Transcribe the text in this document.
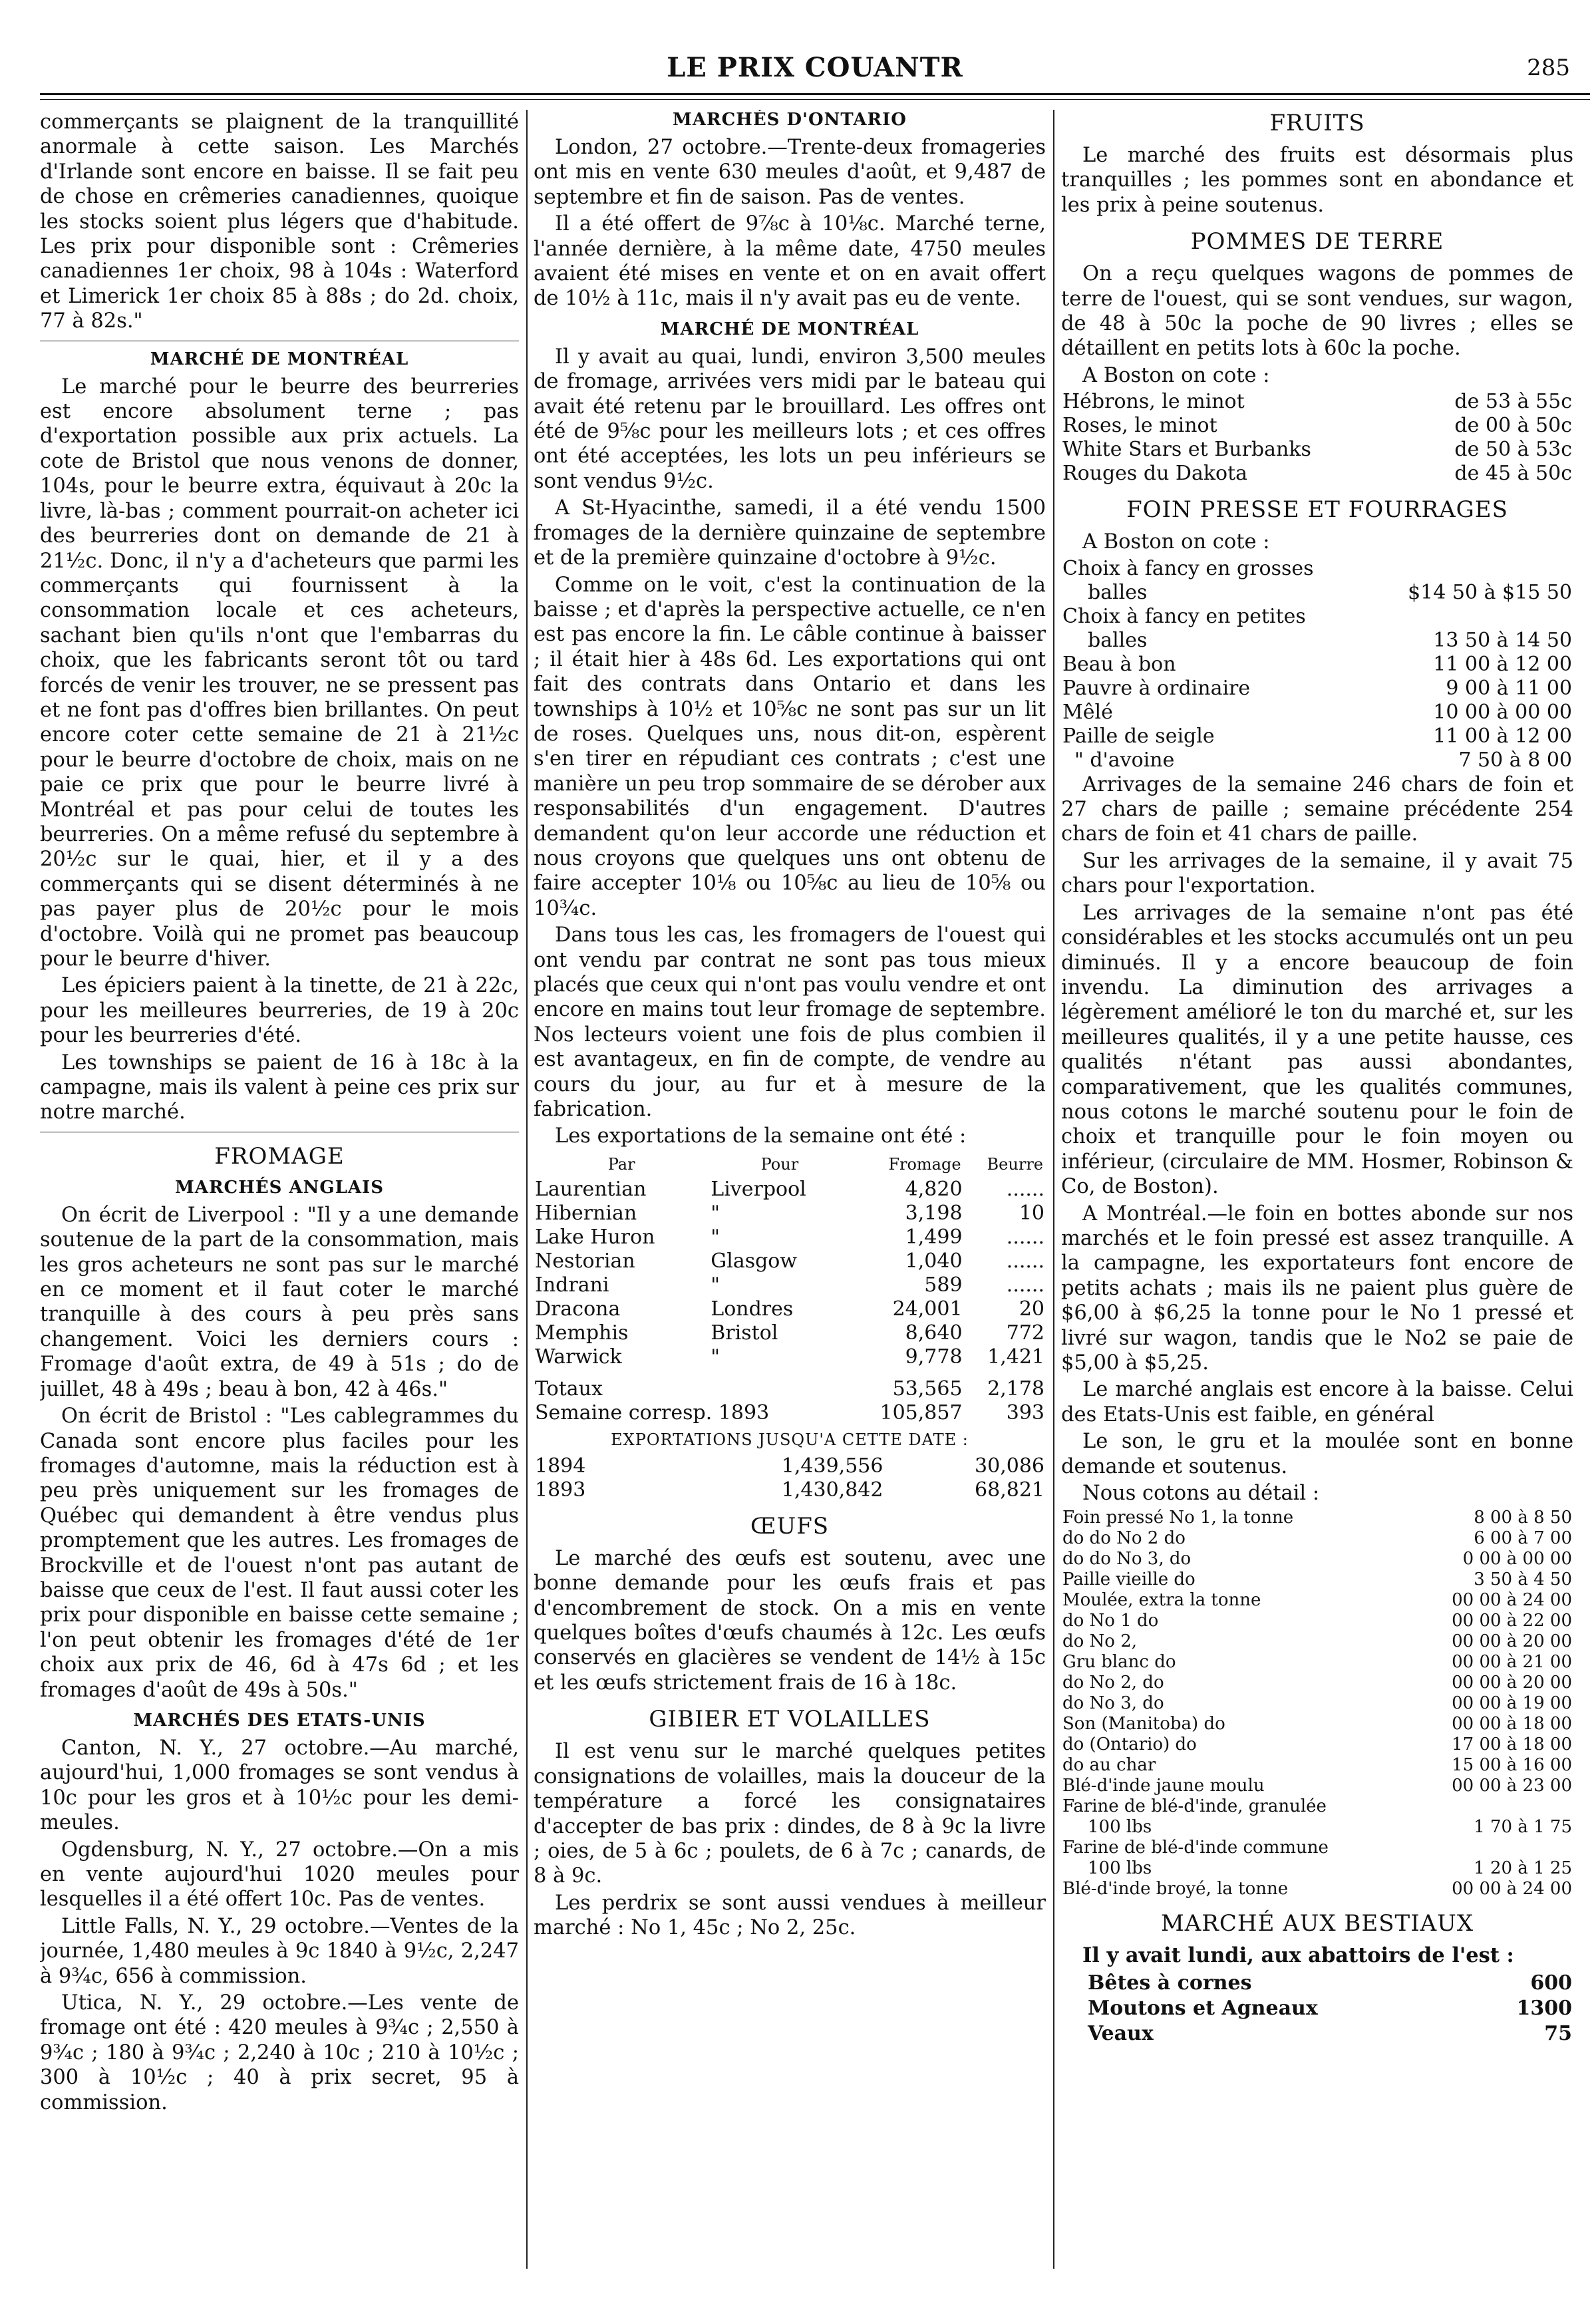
LE PRIX COUANTR	285

commerçants se plaignent de la tranquillité anormale à cette saison. Les Marchés d'Irlande sont encore en baisse. Il se fait peu de chose en crêmeries canadiennes, quoique les stocks soient plus légers que d'habitude. Les prix pour disponible sont : Crêmeries canadiennes 1er choix, 98 à 104s : Waterford et Limerick 1er choix 85 à 88s ; do 2d. choix, 77 à 82s."

MARCHÉ DE MONTRÉAL

Le marché pour le beurre des beurreries est encore absolument terne ; pas d'exportation possible aux prix actuels. La cote de Bristol que nous venons de donner, 104s, pour le beurre extra, équivaut à 20c la livre, là-bas ; comment pourrait-on acheter ici des beurreries dont on demande de 21 à 21½c. Donc, il n'y a d'acheteurs que parmi les commerçants qui fournissent à la consommation locale et ces acheteurs, sachant bien qu'ils n'ont que l'embarras du choix, que les fabricants seront tôt ou tard forcés de venir les trouver, ne se pressent pas et ne font pas d'offres bien brillantes. On peut encore coter cette semaine de 21 à 21½c pour le beurre d'octobre de choix, mais on ne paie ce prix que pour le beurre livré à Montréal et pas pour celui de toutes les beurreries. On a même refusé du septembre à 20½c sur le quai, hier, et il y a des commerçants qui se disent déterminés à ne pas payer plus de 20½c pour le mois d'octobre. Voilà qui ne promet pas beaucoup pour le beurre d'hiver.

Les épiciers paient à la tinette, de 21 à 22c, pour les meilleures beurreries, de 19 à 20c pour les beurreries d'été.

Les townships se paient de 16 à 18c à la campagne, mais ils valent à peine ces prix sur notre marché.

FROMAGE
MARCHÉS ANGLAIS

On écrit de Liverpool : "Il y a une demande soutenue de la part de la consommation, mais les gros acheteurs ne sont pas sur le marché en ce moment et il faut coter le marché tranquille à des cours à peu près sans changement. Voici les derniers cours : Fromage d'août extra, de 49 à 51s ; do de juillet, 48 à 49s ; beau à bon, 42 à 46s."

On écrit de Bristol : "Les cablegrammes du Canada sont encore plus faciles pour les fromages d'automne, mais la réduction est à peu près uniquement sur les fromages de Québec qui demandent à être vendus plus promptement que les autres. Les fromages de Brockville et de l'ouest n'ont pas autant de baisse que ceux de l'est. Il faut aussi coter les prix pour disponible en baisse cette semaine ; l'on peut obtenir les fromages d'été de 1er choix aux prix de 46, 6d à 47s 6d ; et les fromages d'août de 49s à 50s."

MARCHÉS DES ETATS-UNIS

Canton, N. Y., 27 octobre.—Au marché, aujourd'hui, 1,000 fromages se sont vendus à 10c pour les gros et à 10½c pour les demi-meules.

Ogdensburg, N. Y., 27 octobre.—On a mis en vente aujourd'hui 1020 meules pour lesquelles il a été offert 10c. Pas de ventes.

Little Falls, N. Y., 29 octobre.—Ventes de la journée, 1,480 meules à 9c 1840 à 9½c, 2,247 à 9¾c, 656 à commission.

Utica, N. Y., 29 octobre.—Les vente de fromage ont été : 420 meules à 9¾c ; 2,550 à 9¾c ; 180 à 9¾c ; 2,240 à 10c ; 210 à 10½c ; 300 à 10½c ; 40 à prix secret, 95 à commission.

MARCHÉS D'ONTARIO

London, 27 octobre.—Trente-deux fromageries ont mis en vente 630 meules d'août, et 9,487 de septembre et fin de saison. Pas de ventes.

Il a été offert de 9⅞c à 10⅛c. Marché terne, l'année dernière, à la même date, 4750 meules avaient été mises en vente et on en avait offert de 10½ à 11c, mais il n'y avait pas eu de vente.

MARCHÉ DE MONTRÉAL

Il y avait au quai, lundi, environ 3,500 meules de fromage, arrivées vers midi par le bateau qui avait été retenu par le brouillard. Les offres ont été de 9⅝c pour les meilleurs lots ; et ces offres ont été acceptées, les lots un peu inférieurs se sont vendus 9½c.

A St-Hyacinthe, samedi, il a été vendu 1500 fromages de la dernière quinzaine de septembre et de la première quinzaine d'octobre à 9½c.

Comme on le voit, c'est la continuation de la baisse ; et d'après la perspective actuelle, ce n'en est pas encore la fin. Le câble continue à baisser ; il était hier à 48s 6d. Les exportations qui ont fait des contrats dans Ontario et dans les townships à 10½ et 10⅝c ne sont pas sur un lit de roses. Quelques uns, nous dit-on, espèrent s'en tirer en répudiant ces contrats ; c'est une manière un peu trop sommaire de se dérober aux responsabilités d'un engagement. D'autres demandent qu'on leur accorde une réduction et nous croyons que quelques uns ont obtenu de faire accepter 10⅛ ou 10⅝c au lieu de 10⅝ ou 10¾c.

Dans tous les cas, les fromagers de l'ouest qui ont vendu par contrat ne sont pas tous mieux placés que ceux qui n'ont pas voulu vendre et ont encore en mains tout leur fromage de septembre. Nos lecteurs voient une fois de plus combien il est avantageux, en fin de compte, de vendre au cours du jour, au fur et à mesure de la fabrication.

Les exportations de la semaine ont été :

Par	Pour	Fromage	Beurre
Laurentian	Liverpool	4,820	......
Hibernian	"	3,198	10
Lake Huron	"	1,499	......
Nestorian	Glasgow	1,040	......
Indrani	"	589	......
Dracona	Londres	24,001	20
Memphis	Bristol	8,640	772
Warwick	"	9,778	1,421
Totaux		53,565	2,178
Semaine corresp. 1893		105,857	393
EXPORTATIONS JUSQU'A CETTE DATE :
1894	1,439,556	30,086
1893	1,430,842	68,821
ŒUFS

Le marché des œufs est soutenu, avec une bonne demande pour les œufs frais et pas d'encombrement de stock. On a mis en vente quelques boîtes d'œufs chaumés à 12c. Les œufs conservés en glacières se vendent de 14½ à 15c et les œufs strictement frais de 16 à 18c.

GIBIER ET VOLAILLES

Il est venu sur le marché quelques petites consignations de volailles, mais la douceur de la température a forcé les consignataires d'accepter de bas prix : dindes, de 8 à 9c la livre ; oies, de 5 à 6c ; poulets, de 6 à 7c ; canards, de 8 à 9c.

Les perdrix se sont aussi vendues à meilleur marché : No 1, 45c ; No 2, 25c.

FRUITS

Le marché des fruits est désormais plus tranquilles ; les pommes sont en abondance et les prix à peine soutenus.

POMMES DE TERRE

On a reçu quelques wagons de pommes de terre de l'ouest, qui se sont vendues, sur wagon, de 48 à 50c la poche de 90 livres ; elles se détaillent en petits lots à 60c la poche.

A Boston on cote :

Hébrons, le minot	de 53 à 55c
Roses, le minot	de 00 à 50c
White Stars et Burbanks	de 50 à 53c
Rouges du Dakota	de 45 à 50c
FOIN PRESSE ET FOURRAGES

A Boston on cote :

Choix à fancy en grosses	
balles	$14 50 à $15 50
Choix à fancy en petites	
balles	13 50 à 14 50
Beau à bon	11 00 à 12 00
Pauvre à ordinaire	9 00 à 11 00
Mêlé	10 00 à 00 00
Paille de seigle	11 00 à 12 00
" d'avoine	7 50 à 8 00

Arrivages de la semaine 246 chars de foin et 27 chars de paille ; semaine précédente 254 chars de foin et 41 chars de paille.

Sur les arrivages de la semaine, il y avait 75 chars pour l'exportation.

Les arrivages de la semaine n'ont pas été considérables et les stocks accumulés ont un peu diminués. Il y a encore beaucoup de foin invendu. La diminution des arrivages a légèrement amélioré le ton du marché et, sur les meilleures qualités, il y a une petite hausse, ces qualités n'étant pas aussi abondantes, comparativement, que les qualités communes, nous cotons le marché soutenu pour le foin de choix et tranquille pour le foin moyen ou inférieur, (circulaire de MM. Hosmer, Robinson & Co, de Boston).

A Montréal.—le foin en bottes abonde sur nos marchés et le foin pressé est assez tranquille. A la campagne, les exportateurs font encore de petits achats ; mais ils ne paient plus guère de $6,00 à $6,25 la tonne pour le No 1 pressé et livré sur wagon, tandis que le No2 se paie de $5,00 à $5,25.

Le marché anglais est encore à la baisse. Celui des Etats-Unis est faible, en général

Le son, le gru et la moulée sont en bonne demande et soutenus.

Nous cotons au détail :

Foin pressé No 1, la tonne	8 00 à 8 50
do do No 2 do	6 00 à 7 00
do do No 3, do	0 00 à 00 00
Paille vieille do	3 50 à 4 50
Moulée, extra la tonne	00 00 à 24 00
do No 1 do	00 00 à 22 00
do No 2,	00 00 à 20 00
Gru blanc do	00 00 à 21 00
do No 2, do	00 00 à 20 00
do No 3, do	00 00 à 19 00
Son (Manitoba) do	00 00 à 18 00
do (Ontario) do	17 00 à 18 00
do au char	15 00 à 16 00
Blé-d'inde jaune moulu	00 00 à 23 00
Farine de blé-d'inde, granulée	
100 lbs	1 70 à 1 75
Farine de blé-d'inde commune	
100 lbs	1 20 à 1 25
Blé-d'inde broyé, la tonne	00 00 à 24 00
MARCHÉ AUX BESTIAUX

Il y avait lundi, aux abattoirs de l'est :

Bêtes à cornes	600
Moutons et Agneaux	1300
Veaux	75
